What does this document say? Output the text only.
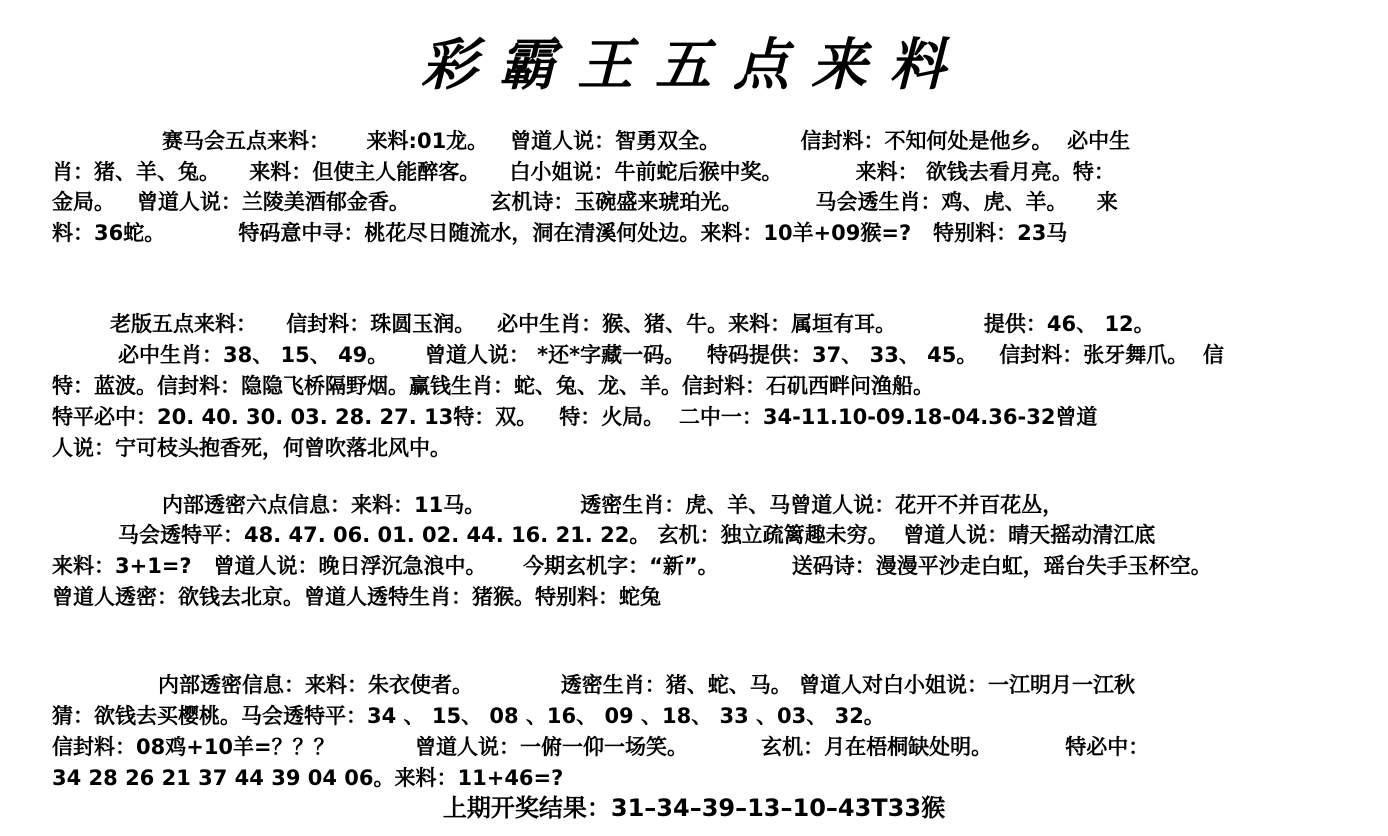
彩霸王五点来料
赛马会五点来料：     来料:01龙。   曾道人说：智勇双全。           信封料：不知何处是他乡。  必中生
肖：猪、羊、兔。    来料：但使主人能醉客。    白小姐说：牛前蛇后猴中奖。          来料： 欲钱去看月亮。特：
金局。   曾道人说：兰陵美酒郁金香。           玄机诗：玉碗盛来琥珀光。          马会透生肖：鸡、虎、羊。    来
料：36蛇。          特码意中寻：桃花尽日随流水，洞在清溪何处边。来料：10羊+09猴=?   特别料：23马
老版五点来料：    信封料：珠圆玉润。   必中生肖：猴、猪、牛。来料：属垣有耳。            提供：46、 12。
必中生肖：38、 15、 49。     曾道人说： *还*字藏一码。   特码提供：37、 33、 45。   信封料：张牙舞爪。  信
特：蓝波。信封料：隐隐飞桥隔野烟。赢钱生肖：蛇、兔、龙、羊。信封料：石矶西畔问渔船。
特平必中：20. 40. 30. 03. 28. 27. 13特：双。   特：火局。  二中一：34-11.10-09.18-04.36-32曾道
人说：宁可枝头抱香死，何曾吹落北风中。
内部透密六点信息：来料：11马。             透密生肖：虎、羊、马曾道人说：花开不并百花丛，
马会透特平：48. 47. 06. 01. 02. 44. 16. 21. 22。 玄机：独立疏篱趣未穷。  曾道人说：晴天摇动清江底
来料：3+1=?   曾道人说：晚日浮沉急浪中。     今期玄机字：“新”。          送码诗：漫漫平沙走白虹，瑶台失手玉杯空。
曾道人透密：欲钱去北京。曾道人透特生肖：猪猴。特别料：蛇兔
内部透密信息：来料：朱衣使者。            透密生肖：猪、蛇、马。 曾道人对白小姐说：一江明月一江秋
猜：欲钱去买樱桃。马会透特平：34 、 15、 08 、16、 09 、18、 33 、03、 32。
信封料：08鸡+10羊=？？？           曾道人说：一俯一仰一场笑。          玄机：月在梧桐缺处明。          特必中：
34 28 26 21 37 44 39 04 06。来料：11+46=?
上期开奖结果：31–34–39–13–10–43T33猴
